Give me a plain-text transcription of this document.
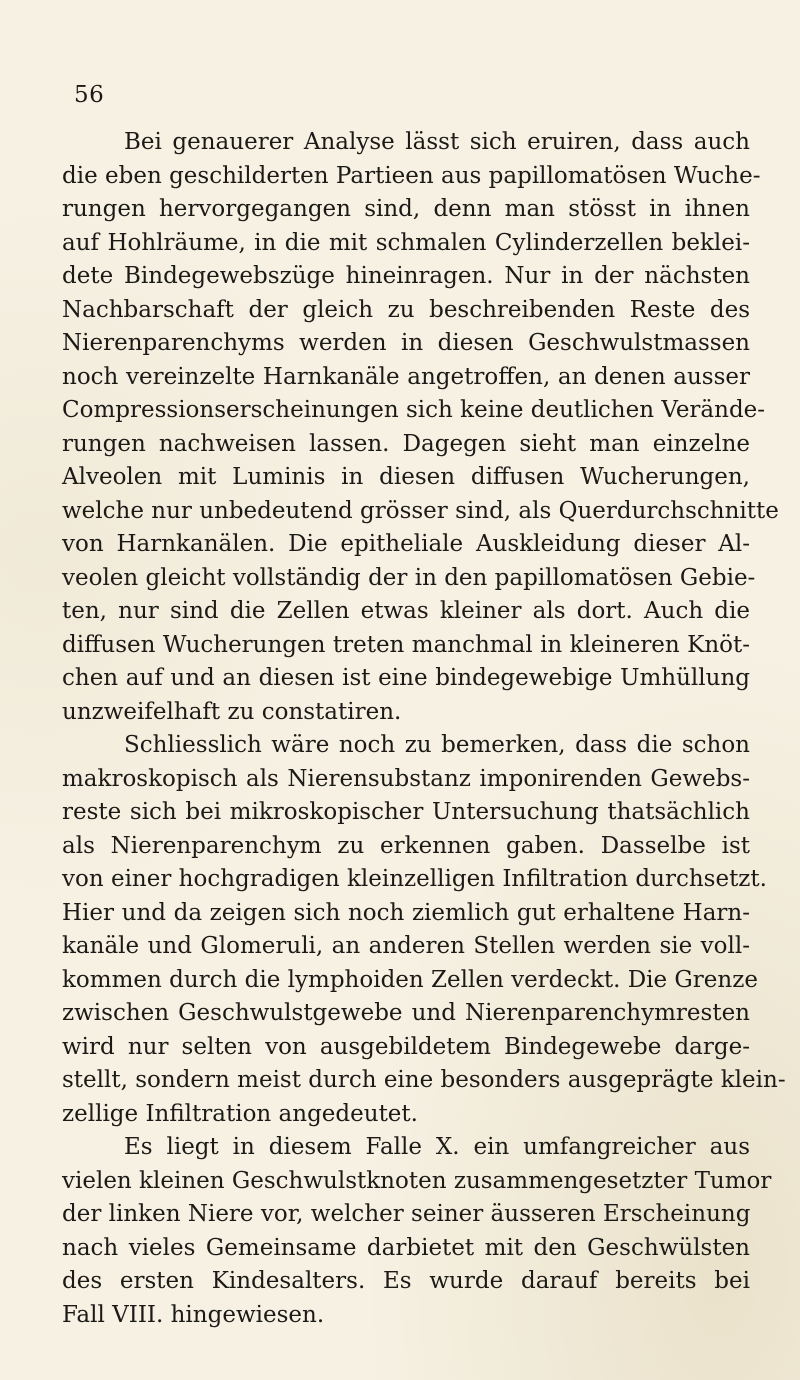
56
Bei genauerer Analyse lässt sich eruiren, dass auch
die eben geschilderten Partieen aus papillomatösen Wuche-
rungen hervorgegangen sind, denn man stösst in ihnen
auf Hohlräume, in die mit schmalen Cylinderzellen beklei-
dete Bindegewebszüge hineinragen. Nur in der nächsten
Nachbarschaft der gleich zu beschreibenden Reste des
Nierenparenchyms werden in diesen Geschwulstmassen
noch vereinzelte Harnkanäle angetroffen, an denen ausser
Compressionserscheinungen sich keine deutlichen Verände-
rungen nachweisen lassen. Dagegen sieht man einzelne
Alveolen mit Luminis in diesen diffusen Wucherungen,
welche nur unbedeutend grösser sind, als Querdurchschnitte
von Harnkanälen. Die epitheliale Auskleidung dieser Al-
veolen gleicht vollständig der in den papillomatösen Gebie-
ten, nur sind die Zellen etwas kleiner als dort. Auch die
diffusen Wucherungen treten manchmal in kleineren Knöt-
chen auf und an diesen ist eine bindegewebige Umhüllung
unzweifelhaft zu constatiren.
Schliesslich wäre noch zu bemerken, dass die schon
makroskopisch als Nierensubstanz imponirenden Gewebs-
reste sich bei mikroskopischer Untersuchung thatsächlich
als Nierenparenchym zu erkennen gaben. Dasselbe ist
von einer hochgradigen kleinzelligen Infiltration durchsetzt.
Hier und da zeigen sich noch ziemlich gut erhaltene Harn-
kanäle und Glomeruli, an anderen Stellen werden sie voll-
kommen durch die lymphoiden Zellen verdeckt. Die Grenze
zwischen Geschwulstgewebe und Nierenparenchymresten
wird nur selten von ausgebildetem Bindegewebe darge-
stellt, sondern meist durch eine besonders ausgeprägte klein-
zellige Infiltration angedeutet.
Es liegt in diesem Falle X. ein umfangreicher aus
vielen kleinen Geschwulstknoten zusammengesetzter Tumor
der linken Niere vor, welcher seiner äusseren Erscheinung
nach vieles Gemeinsame darbietet mit den Geschwülsten
des ersten Kindesalters. Es wurde darauf bereits bei
Fall VIII. hingewiesen.
